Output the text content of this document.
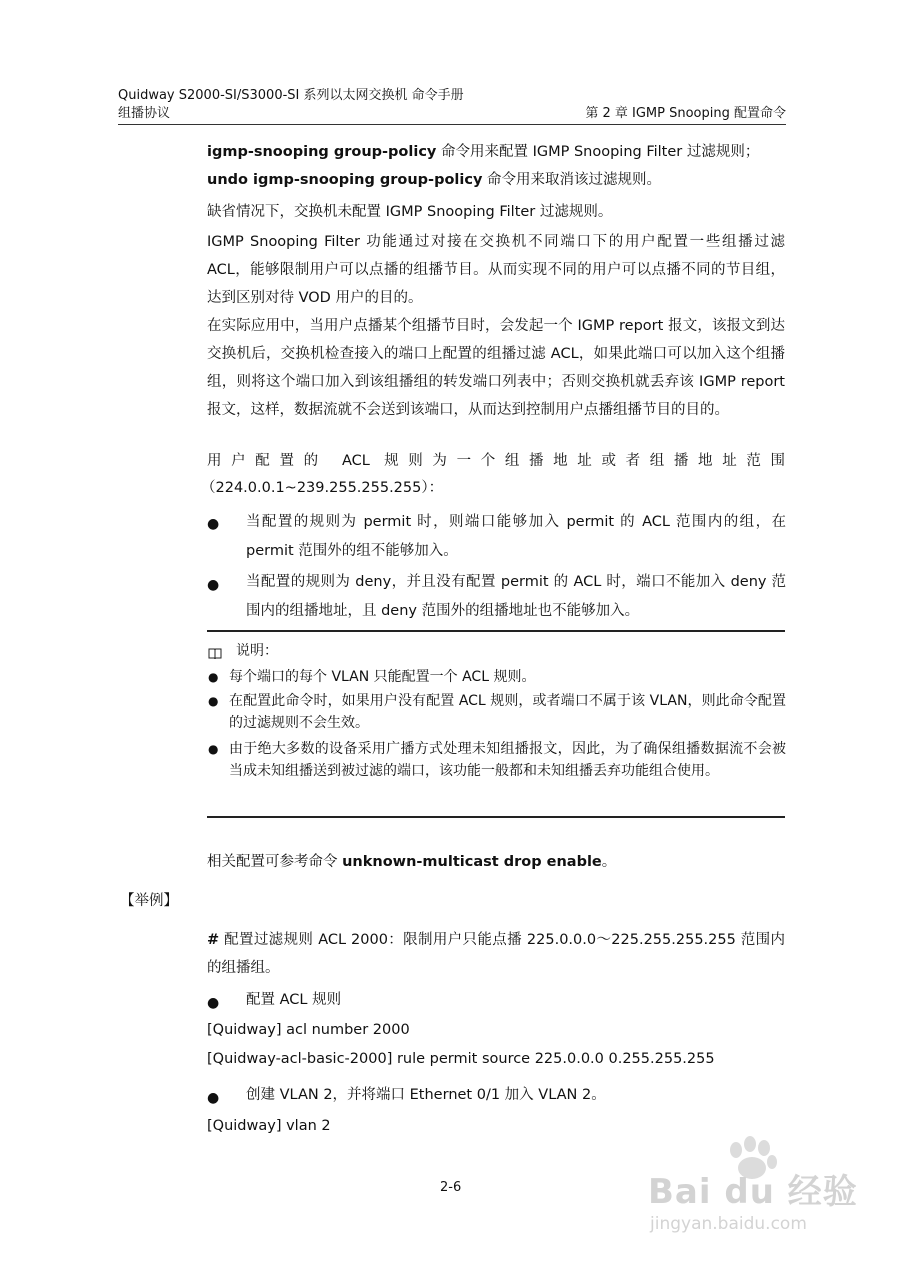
Quidway S2000-SI/S3000-SI 系列以太网交换机 命令手册
组播协议	第 2 章 IGMP Snooping 配置命令

igmp-snooping group-policy 命令用来配置 IGMP Snooping Filter 过滤规则；

undo igmp-snooping group-policy 命令用来取消该过滤规则。

缺省情况下，交换机未配置 IGMP Snooping Filter 过滤规则。
IGMP Snooping Filter 功能通过对接在交换机不同端口下的用户配置一些组播过滤 ACL，能够限制用户可以点播的组播节目。从而实现不同的用户可以点播不同的节目组，达到区别对待 VOD 用户的目的。
在实际应用中，当用户点播某个组播节目时，会发起一个 IGMP report 报文，该报文到达交换机后，交换机检查接入的端口上配置的组播过滤 ACL，如果此端口可以加入这个组播组，则将这个端口加入到该组播组的转发端口列表中；否则交换机就丢弃该 IGMP report 报文，这样，数据流就不会送到该端口，从而达到控制用户点播组播节目的目的。
用户配置的 ACL 规则为一个组播地址或者组播地址范围
（224.0.0.1~239.255.255.255）：
● 当配置的规则为 permit 时，则端口能够加入 permit 的 ACL 范围内的组，在 permit 范围外的组不能够加入。
● 当配置的规则为 deny，并且没有配置 permit 的 ACL 时，端口不能加入 deny 范围内的组播地址，且 deny 范围外的组播地址也不能够加入。
说明：
● 每个端口的每个 VLAN 只能配置一个 ACL 规则。
● 在配置此命令时，如果用户没有配置 ACL 规则，或者端口不属于该 VLAN，则此命令配置的过滤规则不会生效。
● 由于绝大多数的设备采用广播方式处理未知组播报文，因此，为了确保组播数据流不会被当成未知组播送到被过滤的端口，该功能一般都和未知组播丢弃功能组合使用。
相关配置可参考命令 unknown-multicast drop enable。
【举例】
# 配置过滤规则 ACL 2000：限制用户只能点播 225.0.0.0～225.255.255.255 范围内的组播组。
● 配置 ACL 规则
[Quidway] acl number 2000
[Quidway-acl-basic-2000] rule permit source 225.0.0.0 0.255.255.255
● 创建 VLAN 2，并将端口 Ethernet 0/1 加入 VLAN 2。
[Quidway] vlan 2
2-6	Bai du 经验
jingyan.baidu.com
